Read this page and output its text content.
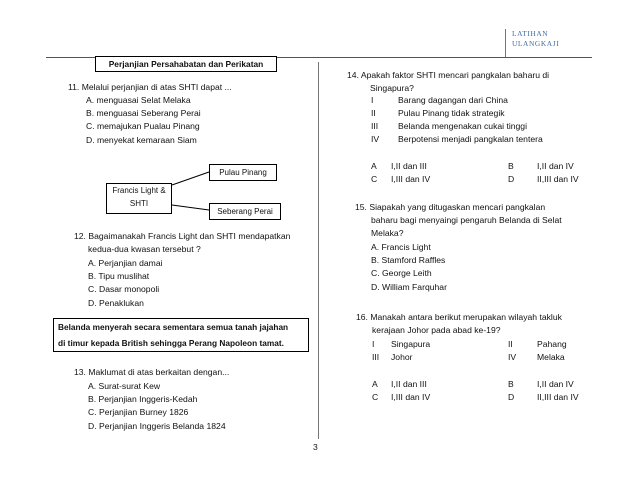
LATIHAN
ULANGKAJI
Perjanjian Persahabatan dan Perikatan
11. Melalui perjanjian di atas SHTI dapat ...
A. menguasai Selat Melaka
B. menguasai Seberang Perai
C. memajukan Pualau Pinang
D. menyekat kemaraan Siam
Francis Light &
SHTI
Pulau Pinang
Seberang Perai
12. Bagaimanakah Francis Light dan SHTI mendapatkan
kedua-dua kwasan tersebut ?
A. Perjanjian damai
B. Tipu muslihat
C. Dasar monopoli
D. Penaklukan
Belanda menyerah secara sementara semua tanah jajahan
di timur kepada British sehingga Perang Napoleon tamat.
13. Maklumat di atas berkaitan dengan...
A. Surat-surat Kew
B. Perjanjian Inggeris-Kedah
C. Perjanjian Burney 1826
D. Perjanjian Inggeris Belanda 1824
14. Apakah faktor SHTI mencari pangkalan baharu di
Singapura?
I	Barang dagangan dari China
II	Pulau Pinang tidak strategik
III Belanda mengenakan cukai tinggi
IV Berpotensi menjadi pangkalan tentera
A I,II dan III	B	I,II dan IV
C I,III dan IV	D	II,III dan IV
15. Siapakah yang ditugaskan mencari pangkalan
baharu bagi menyaingi pengaruh Belanda di Selat
Melaka?
A. Francis Light
B. Stamford Raffles
C. George Leith
D. William Farquhar
16. Manakah antara berikut merupakan wilayah takluk
kerajaan Johor pada abad ke-19?
I Singapura	II	Pahang
III Johor	IV Melaka
A I,II dan III	B	I,II dan IV
C I,III dan IV	D	II,III dan IV
3
